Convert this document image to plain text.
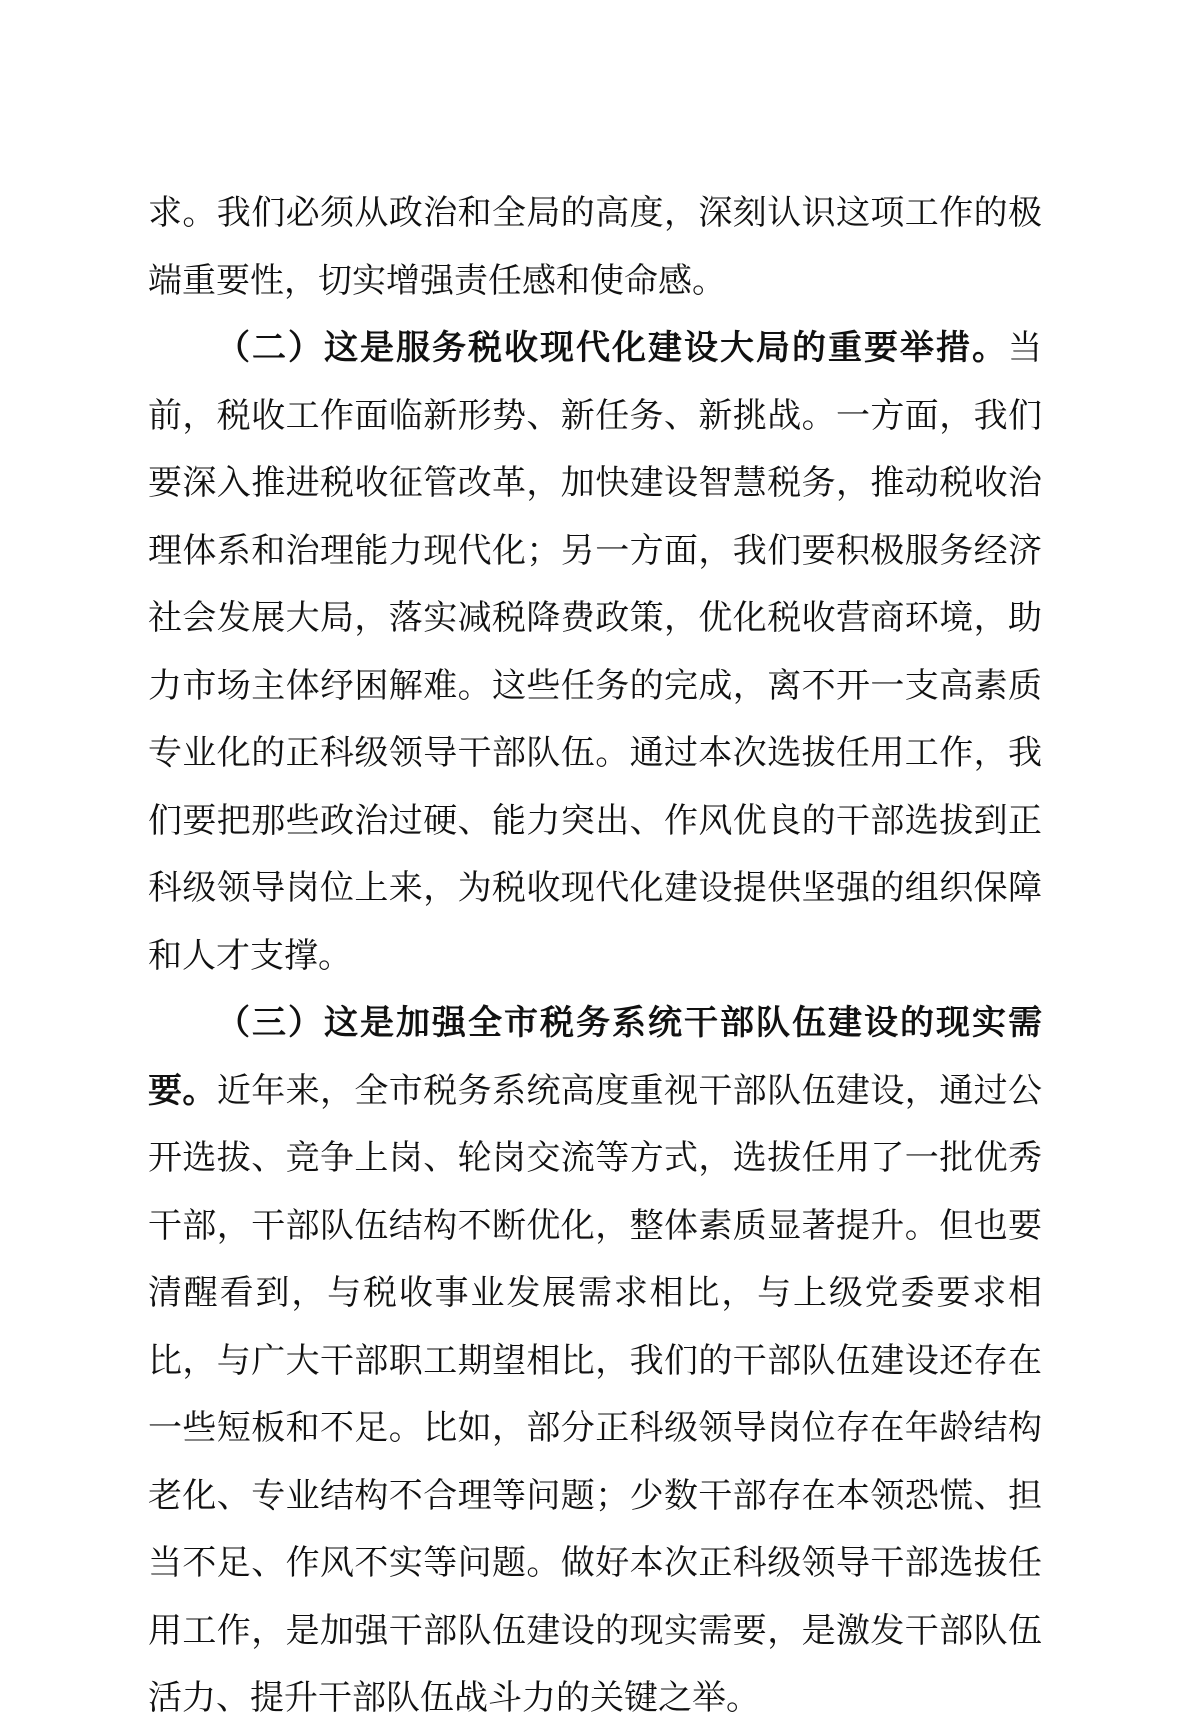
求。我们必须从政治和全局的高度，深刻认识这项工作的极端重要性，切实增强责任感和使命感。

（二）这是服务税收现代化建设大局的重要举措。当前，税收工作面临新形势、新任务、新挑战。一方面，我们要深入推进税收征管改革，加快建设智慧税务，推动税收治理体系和治理能力现代化；另一方面，我们要积极服务经济社会发展大局，落实减税降费政策，优化税收营商环境，助力市场主体纾困解难。这些任务的完成，离不开一支高素质专业化的正科级领导干部队伍。通过本次选拔任用工作，我们要把那些政治过硬、能力突出、作风优良的干部选拔到正科级领导岗位上来，为税收现代化建设提供坚强的组织保障和人才支撑。

（三）这是加强全市税务系统干部队伍建设的现实需要。近年来，全市税务系统高度重视干部队伍建设，通过公开选拔、竞争上岗、轮岗交流等方式，选拔任用了一批优秀干部，干部队伍结构不断优化，整体素质显著提升。但也要清醒看到，与税收事业发展需求相比，与上级党委要求相比，与广大干部职工期望相比，我们的干部队伍建设还存在一些短板和不足。比如，部分正科级领导岗位存在年龄结构老化、专业结构不合理等问题；少数干部存在本领恐慌、担当不足、作风不实等问题。做好本次正科级领导干部选拔任用工作，是加强干部队伍建设的现实需要，是激发干部队伍活力、提升干部队伍战斗力的关键之举。
